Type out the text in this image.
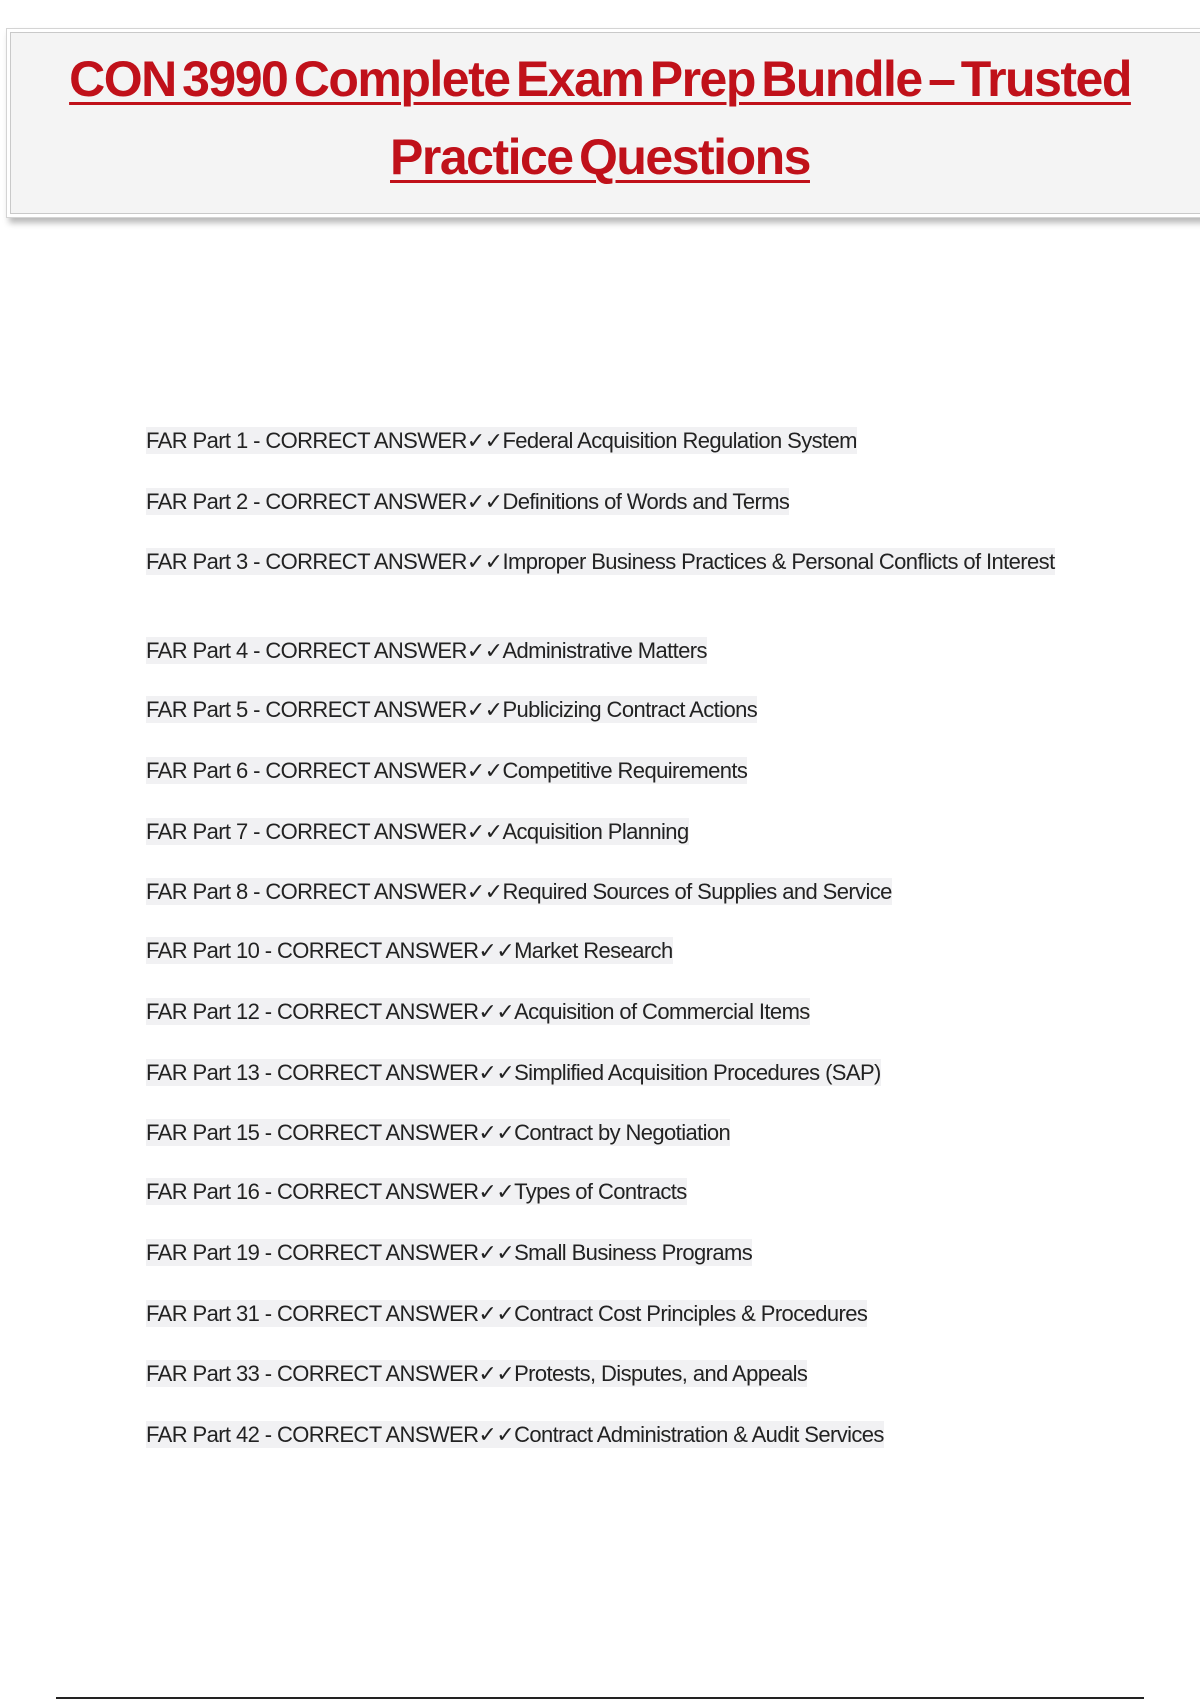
CON 3990 Complete Exam Prep Bundle – Trusted
Practice Questions
FAR Part 1 - CORRECT ANSWER✓✓Federal Acquisition Regulation System
FAR Part 2 - CORRECT ANSWER✓✓Definitions of Words and Terms
FAR Part 3 - CORRECT ANSWER✓✓Improper Business Practices & Personal Conflicts of Interest
FAR Part 4 - CORRECT ANSWER✓✓Administrative Matters
FAR Part 5 - CORRECT ANSWER✓✓Publicizing Contract Actions
FAR Part 6 - CORRECT ANSWER✓✓Competitive Requirements
FAR Part 7 - CORRECT ANSWER✓✓Acquisition Planning
FAR Part 8 - CORRECT ANSWER✓✓Required Sources of Supplies and Service
FAR Part 10 - CORRECT ANSWER✓✓Market Research
FAR Part 12 - CORRECT ANSWER✓✓Acquisition of Commercial Items
FAR Part 13 - CORRECT ANSWER✓✓Simplified Acquisition Procedures (SAP)
FAR Part 15 - CORRECT ANSWER✓✓Contract by Negotiation
FAR Part 16 - CORRECT ANSWER✓✓Types of Contracts
FAR Part 19 - CORRECT ANSWER✓✓Small Business Programs
FAR Part 31 - CORRECT ANSWER✓✓Contract Cost Principles & Procedures
FAR Part 33 - CORRECT ANSWER✓✓Protests, Disputes, and Appeals
FAR Part 42 - CORRECT ANSWER✓✓Contract Administration & Audit Services
